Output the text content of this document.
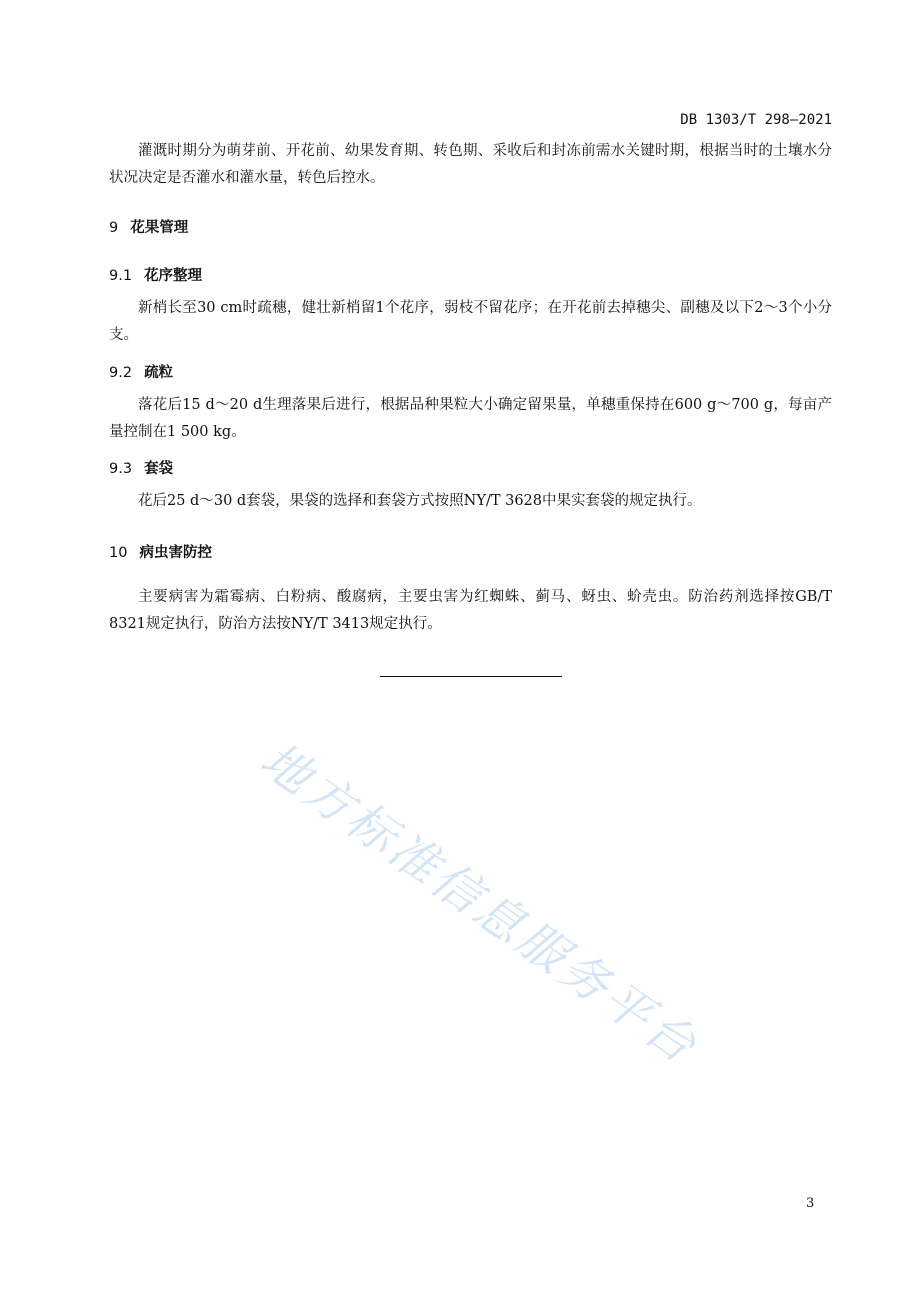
DB 1303/T 298—2021

灌溉时期分为萌芽前、开花前、幼果发育期、转色期、采收后和封冻前需水关键时期，根据当时的土壤水分状况决定是否灌水和灌水量，转色后控水。

9 花果管理
9.1 花序整理

新梢长至30 cm时疏穗，健壮新梢留1个花序，弱枝不留花序；在开花前去掉穗尖、副穗及以下2～3个小分支。

9.2 疏粒

落花后15 d～20 d生理落果后进行，根据品种果粒大小确定留果量，单穗重保持在600 g～700 g，每亩产量控制在1 500 kg。

9.3 套袋

花后25 d～30 d套袋，果袋的选择和套袋方式按照NY/T 3628中果实套袋的规定执行。

10 病虫害防控

主要病害为霜霉病、白粉病、酸腐病，主要虫害为红蜘蛛、蓟马、蚜虫、蚧壳虫。防治药剂选择按GB/T 8321规定执行，防治方法按NY/T 3413规定执行。

地方标准信息服务平台
3
